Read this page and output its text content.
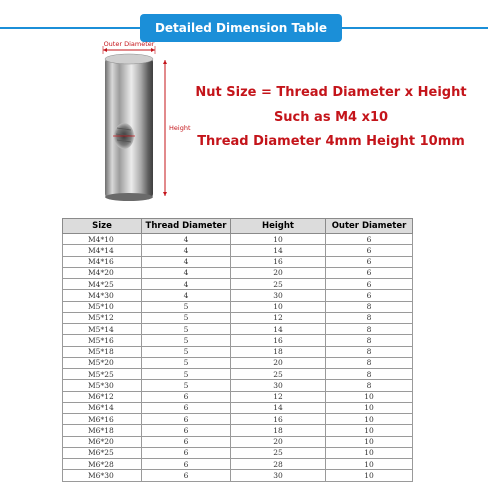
Detailed Dimension Table
Outer Diameter
Height
Nut Size = Thread Diameter x Height
Such as M4 x10
Thread Diameter 4mm Height 10mm
Size	Thread Diameter	Height	Outer Diameter
M4*10	4	10	6
M4*14	4	14	6
M4*16	4	16	6
M4*20	4	20	6
M4*25	4	25	6
M4*30	4	30	6
M5*10	5	10	8
M5*12	5	12	8
M5*14	5	14	8
M5*16	5	16	8
M5*18	5	18	8
M5*20	5	20	8
M5*25	5	25	8
M5*30	5	30	8
M6*12	6	12	10
M6*14	6	14	10
M6*16	6	16	10
M6*18	6	18	10
M6*20	6	20	10
M6*25	6	25	10
M6*28	6	28	10
M6*30	6	30	10
